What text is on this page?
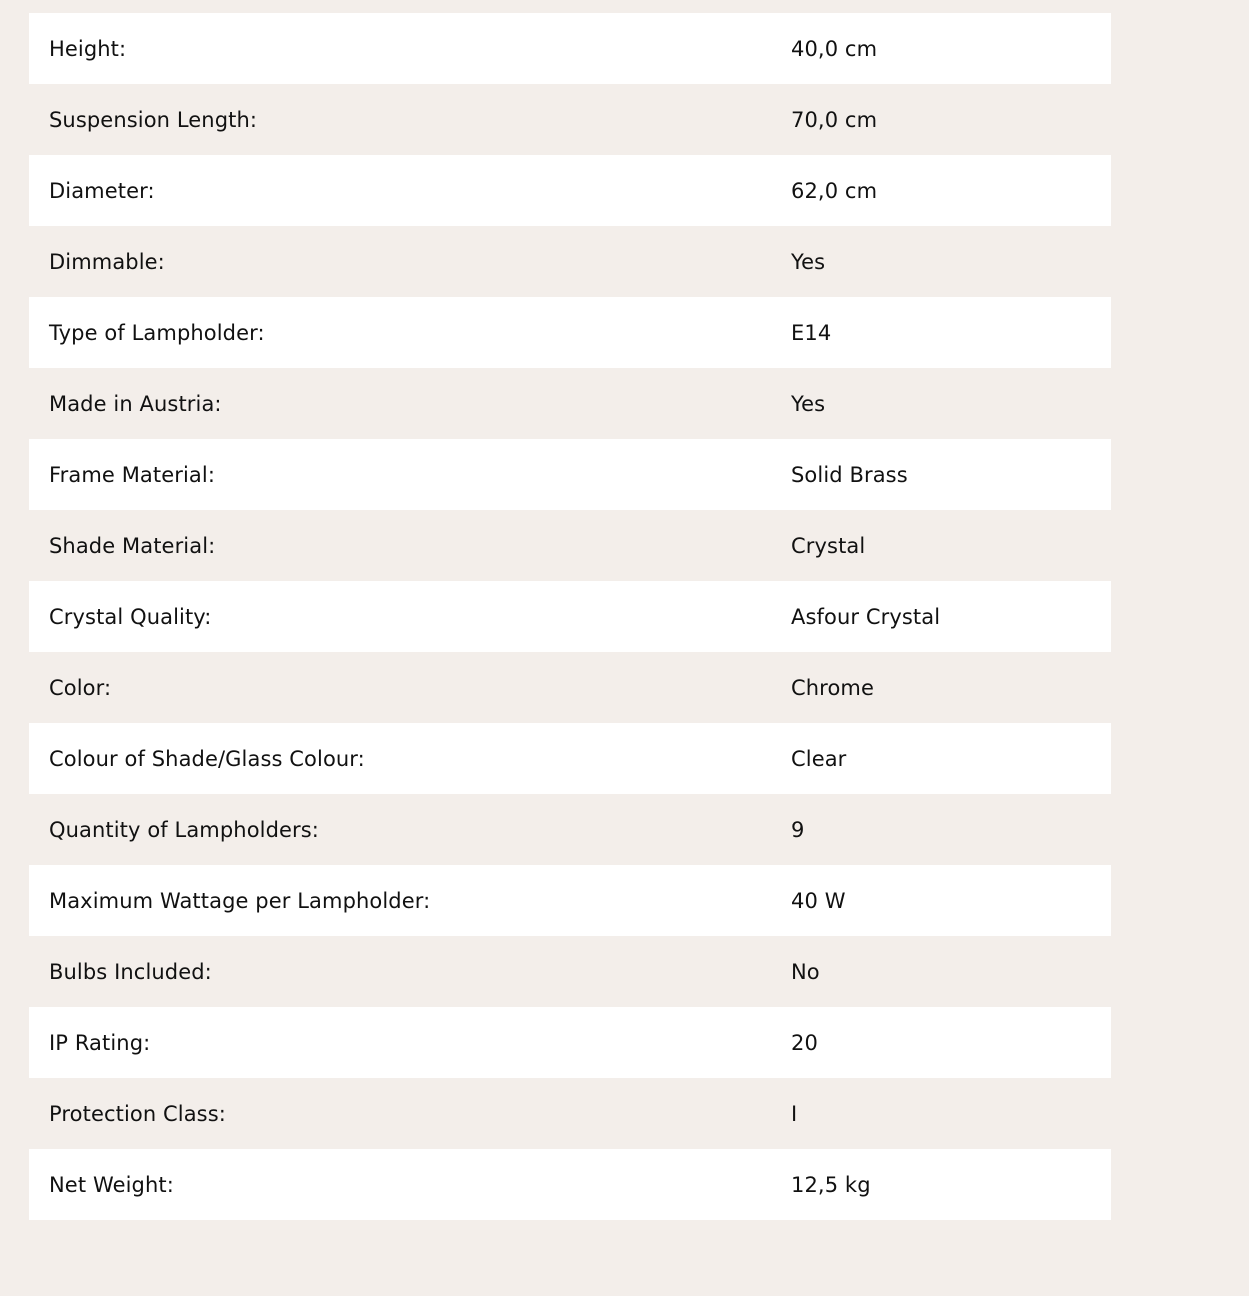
Height:	40,0 cm
Suspension Length:	70,0 cm
Diameter:	62,0 cm
Dimmable:	Yes
Type of Lampholder:	E14
Made in Austria:	Yes
Frame Material:	Solid Brass
Shade Material:	Crystal
Crystal Quality:	Asfour Crystal
Color:	Chrome
Colour of Shade/Glass Colour:	Clear
Quantity of Lampholders:	9
Maximum Wattage per Lampholder:	40 W
Bulbs Included:	No
IP Rating:	20
Protection Class:	I
Net Weight:	12,5 kg
